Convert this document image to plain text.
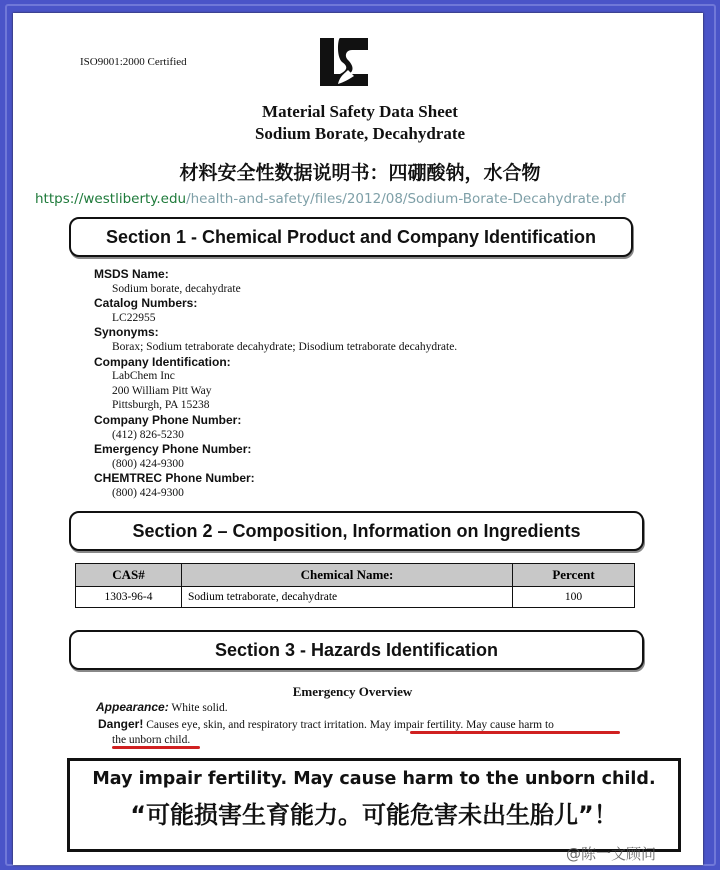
ISO9001:2000 Certified
Material Safety Data Sheet
Sodium Borate, Decahydrate
材料安全性数据说明书：四硼酸钠，水合物
https://westliberty.edu/health-and-safety/files/2012/08/Sodium-Borate-Decahydrate.pdf
Section 1 - Chemical Product and Company Identification
MSDS Name:
Sodium borate, decahydrate
Catalog Numbers:
LC22955
Synonyms:
Borax; Sodium tetraborate decahydrate; Disodium tetraborate decahydrate.
Company Identification:
LabChem Inc
200 William Pitt Way
Pittsburgh, PA 15238
Company Phone Number:
(412) 826-5230
Emergency Phone Number:
(800) 424-9300
CHEMTREC Phone Number:
(800) 424-9300
Section 2 – Composition, Information on Ingredients
CAS#	Chemical Name:	Percent
1303-96-4	Sodium tetraborate, decahydrate	100
Section 3 - Hazards Identification
Emergency Overview
Appearance: White solid.
Danger! Causes eye, skin, and respiratory tract irritation. May impair fertility. May cause harm to
the unborn child.
May impair fertility. May cause harm to the unborn child.
“可能损害生育能力。可能危害未出生胎儿”！
@陈一文顾问
